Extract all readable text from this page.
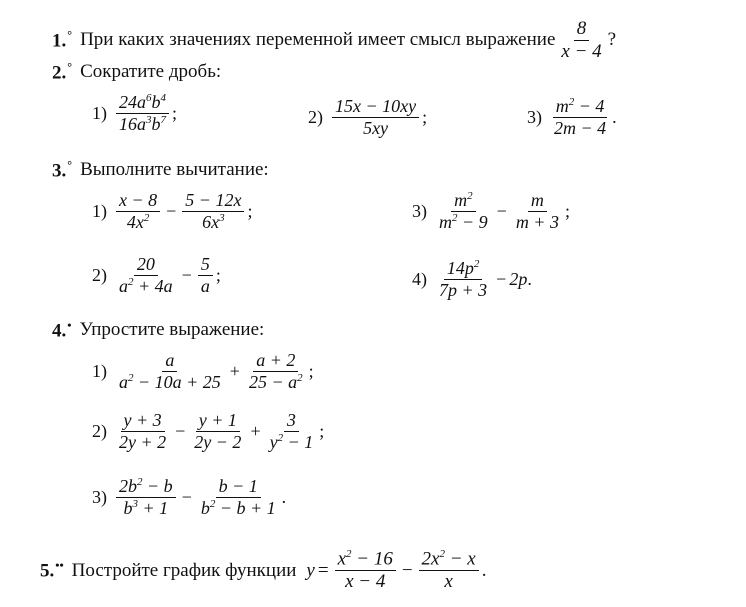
1.° При каких значениях переменной имеет смысл выражение $\frac{8}{x - 4}$ ?
2.° Сократите дробь:
$1) \frac{24a^6b^4}{16a^3b^7}$ ;	$2) \frac{15x - 10xy}{5xy}$ ;	$3) \frac{m^2 - 4}{2m - 4}$ .
3.° Выполните вычитание:
$1) \frac{x - 8}{4x^2} - \frac{5 - 12x}{6x^3}$ ;	$3) \frac{m^2}{m^2 - 9} - \frac{m}{m + 3}$ ;
$2) \frac{20}{a^2 + 4a} - \frac{5}{a}$ ;	$4) \frac{14p^2}{7p + 3} - 2p$ .
4.• Упростите выражение:
$1) \frac{a}{a^2 - 10a + 25} + \frac{a + 2}{25 - a^2}$ ;
$2) \frac{y + 3}{2y + 2} - \frac{y + 1}{2y - 2} + \frac{3}{y^2 - 1}$ ;
$3) \frac{2b^2 - b}{b^3 + 1} - \frac{b - 1}{b^2 - b + 1}$ .
5.•• Постройте график функции $y = \frac{x^2 - 16}{x - 4} - \frac{2x^2 - x}{x}$ .
